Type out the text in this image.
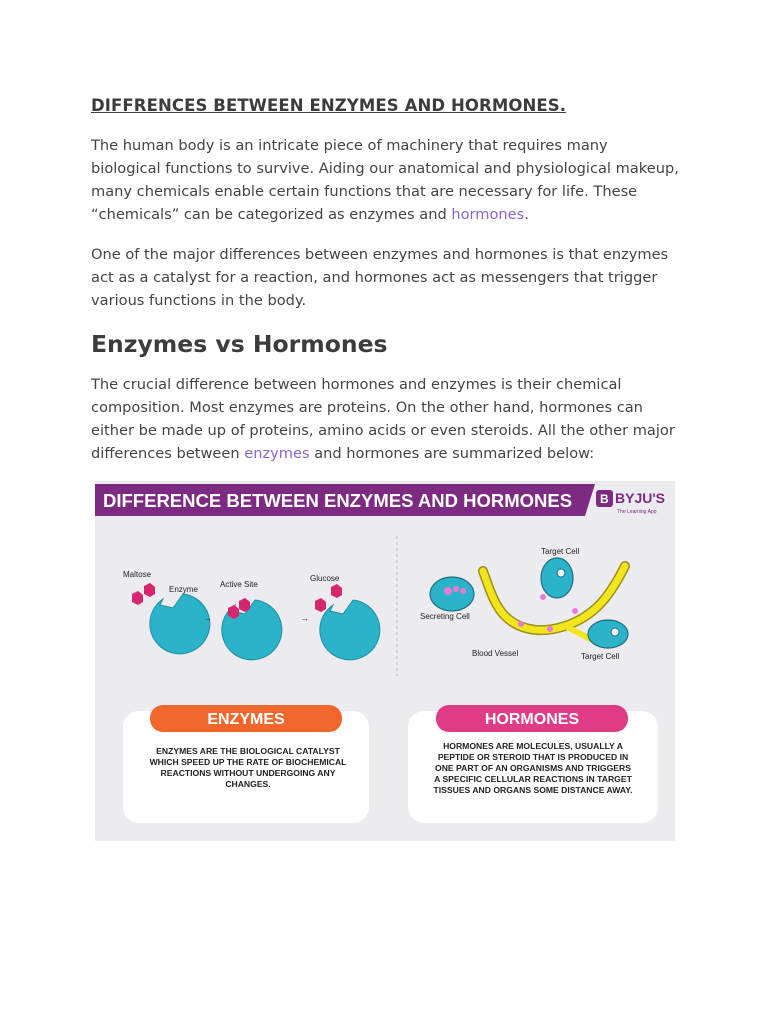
DIFFRENCES BETWEEN ENZYMES AND HORMONES.

The human body is an intricate piece of machinery that requires many biological functions to survive. Aiding our anatomical and physiological makeup, many chemicals enable certain functions that are necessary for life. These “chemicals” can be categorized as enzymes and hormones.

One of the major differences between enzymes and hormones is that enzymes act as a catalyst for a reaction, and hormones act as messengers that trigger various functions in the body.

Enzymes vs Hormones

The crucial difference between hormones and enzymes is their chemical composition. Most enzymes are proteins. On the other hand, hormones can either be made up of proteins, amino acids or even steroids. All the other major differences between enzymes and hormones are summarized below:

DIFFERENCE BETWEEN ENZYMES AND HORMONES B BYJU'S
The Learning App
Maltose
Enzyme
→
Active Site
→
Glucose
Secreting Cell
Target Cell
Target Cell
Blood Vessel
ENZYMES
ENZYMES ARE THE BIOLOGICAL CATALYST
WHICH SPEED UP THE RATE OF BIOCHEMICAL
REACTIONS WITHOUT UNDERGOING ANY
CHANGES.
HORMONES
HORMONES ARE MOLECULES, USUALLY A
PEPTIDE OR STEROID THAT IS PRODUCED IN
ONE PART OF AN ORGANISMS AND TRIGGERS
A SPECIFIC CELLULAR REACTIONS IN TARGET
TISSUES AND ORGANS SOME DISTANCE AWAY.
